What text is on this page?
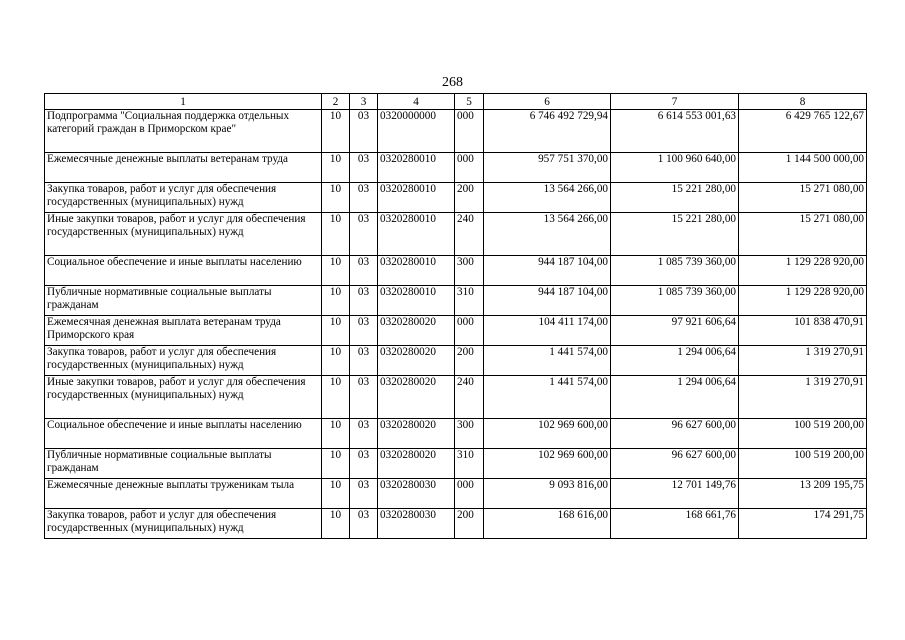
268
1	2	3	4	5	6	7	8
Подпрограмма "Социальная поддержка отдельных категорий граждан в Приморском крае"	10	03	0320000000	000	6 746 492 729,94	6 614 553 001,63	6 429 765 122,67
Ежемесячные денежные выплаты ветеранам труда	10	03	0320280010	000	957 751 370,00	1 100 960 640,00	1 144 500 000,00
Закупка товаров, работ и услуг для обеспечения государственных (муниципальных) нужд	10	03	0320280010	200	13 564 266,00	15 221 280,00	15 271 080,00
Иные закупки товаров, работ и услуг для обеспечения государственных (муниципальных) нужд	10	03	0320280010	240	13 564 266,00	15 221 280,00	15 271 080,00
Социальное обеспечение и иные выплаты населению	10	03	0320280010	300	944 187 104,00	1 085 739 360,00	1 129 228 920,00
Публичные нормативные социальные выплаты гражданам	10	03	0320280010	310	944 187 104,00	1 085 739 360,00	1 129 228 920,00
Ежемесячная денежная выплата ветеранам труда Приморского края	10	03	0320280020	000	104 411 174,00	97 921 606,64	101 838 470,91
Закупка товаров, работ и услуг для обеспечения государственных (муниципальных) нужд	10	03	0320280020	200	1 441 574,00	1 294 006,64	1 319 270,91
Иные закупки товаров, работ и услуг для обеспечения государственных (муниципальных) нужд	10	03	0320280020	240	1 441 574,00	1 294 006,64	1 319 270,91
Социальное обеспечение и иные выплаты населению	10	03	0320280020	300	102 969 600,00	96 627 600,00	100 519 200,00
Публичные нормативные социальные выплаты гражданам	10	03	0320280020	310	102 969 600,00	96 627 600,00	100 519 200,00
Ежемесячные денежные выплаты труженикам тыла	10	03	0320280030	000	9 093 816,00	12 701 149,76	13 209 195,75
Закупка товаров, работ и услуг для обеспечения государственных (муниципальных) нужд	10	03	0320280030	200	168 616,00	168 661,76	174 291,75
